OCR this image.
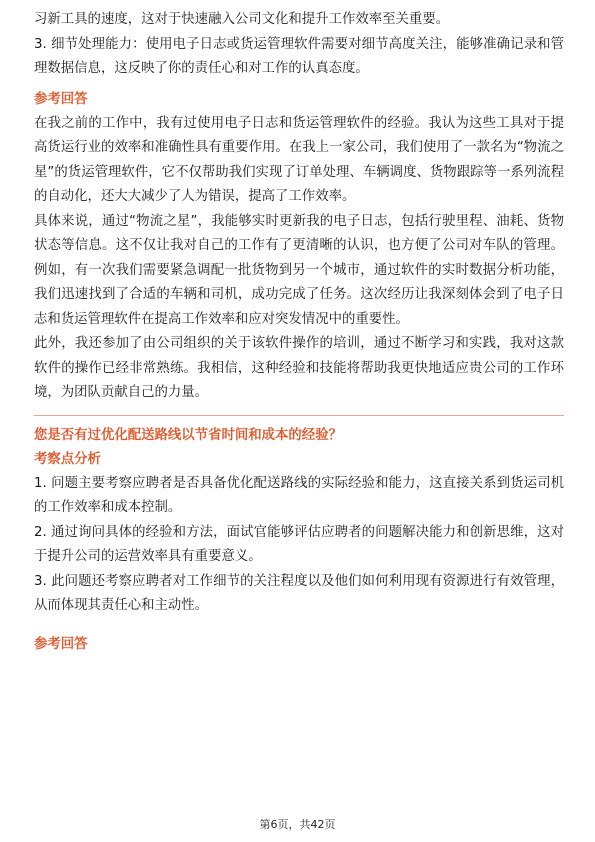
习新工具的速度，这对于快速融入公司文化和提升工作效率至关重要。

3. 细节处理能力：使用电子日志或货运管理软件需要对细节高度关注，能够准确记录和管理数据信息，这反映了你的责任心和对工作的认真态度。

参考回答

在我之前的工作中，我有过使用电子日志和货运管理软件的经验。我认为这些工具对于提高货运行业的效率和准确性具有重要作用。在我上一家公司，我们使用了一款名为“物流之星”的货运管理软件，它不仅帮助我们实现了订单处理、车辆调度、货物跟踪等一系列流程的自动化，还大大减少了人为错误，提高了工作效率。

具体来说，通过“物流之星”，我能够实时更新我的电子日志，包括行驶里程、油耗、货物状态等信息。这不仅让我对自己的工作有了更清晰的认识，也方便了公司对车队的管理。例如，有一次我们需要紧急调配一批货物到另一个城市，通过软件的实时数据分析功能，我们迅速找到了合适的车辆和司机，成功完成了任务。这次经历让我深刻体会到了电子日志和货运管理软件在提高工作效率和应对突发情况中的重要性。

此外，我还参加了由公司组织的关于该软件操作的培训，通过不断学习和实践，我对这款软件的操作已经非常熟练。我相信，这种经验和技能将帮助我更快地适应贵公司的工作环境，为团队贡献自己的力量。

您是否有过优化配送路线以节省时间和成本的经验？

考察点分析

1. 问题主要考察应聘者是否具备优化配送路线的实际经验和能力，这直接关系到货运司机的工作效率和成本控制。

2. 通过询问具体的经验和方法，面试官能够评估应聘者的问题解决能力和创新思维，这对于提升公司的运营效率具有重要意义。

3. 此问题还考察应聘者对工作细节的关注程度以及他们如何利用现有资源进行有效管理，从而体现其责任心和主动性。

参考回答

第6页，共42页
